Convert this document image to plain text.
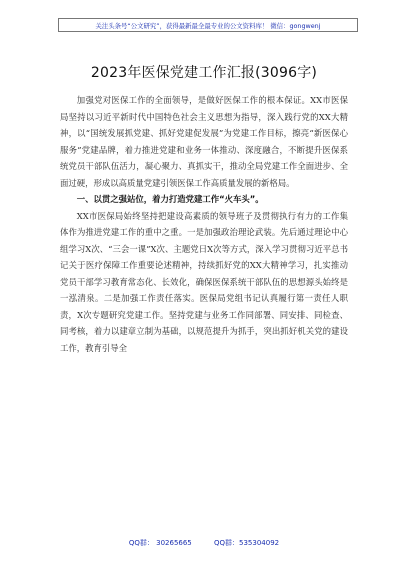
关注头条号“公文研究”，获得最新最全最专业的公文资料库！ 微信：gongwenj
2023年医保党建工作汇报(3096字)

加强党对医保工作的全面领导，是做好医保工作的根本保证。XX市医保局坚持以习近平新时代中国特色社会主义思想为指导，深入践行党的XX大精神，以“国统发展抓党建、抓好党建促发展”为党建工作目标，擦亮“新医保心服务”党建品牌，着力推进党建和业务一体推动、深度融合，不断提升医保系统党员干部队伍活力，凝心聚力、真抓实干，推动全局党建工作全面进步、全面过硬，形成以高质量党建引领医保工作高质量发展的新格局。

一、以贯之强站位，着力打造党建工作“火车头”。

XX市医保局始终坚持把建设高素质的领导班子及贯彻执行有力的工作集体作为推进党建工作的重中之重。一是加强政治理论武装。先后通过理论中心组学习X次、“三会一课”X次、主题党日X次等方式，深入学习贯彻习近平总书记关于医疗保障工作重要论述精神，持续抓好党的XX大精神学习，扎实推动党员干部学习教育常态化、长效化，确保医保系统干部队伍的思想源头始终是一泓清泉。二是加强工作责任落实。医保局党组书记认真履行第一责任人职责，X次专题研究党建工作。坚持党建与业务工作同部署、同安排、同检查、同考核，着力以建章立制为基础，以规范提升为抓手，突出抓好机关党的建设工作，教育引导全

QQ群： 30265665	QQ群：535304092
